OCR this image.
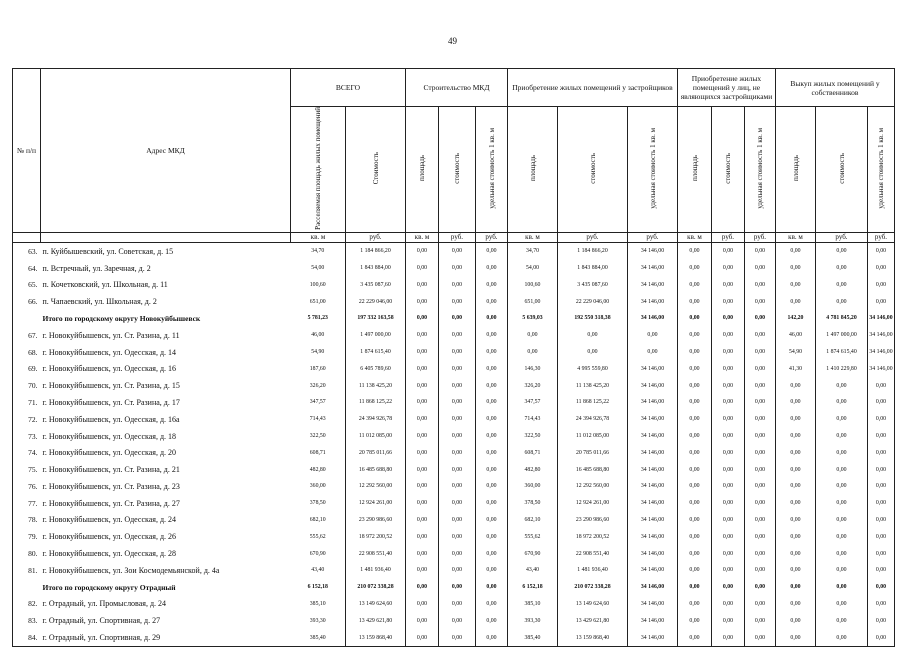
49
№ п/п	Адрес МКД	ВСЕГО		Строительство МКД			Приобретение жилых помещений у застройщиков			Приобретение жилых помещений у лиц, не являющихся застройщиками			Выкуп жилых помещений у собственников		
		Расселяемая площадь жилых помещений	Стоимость	площадь	стоимость	удельная стоимость 1 кв. м	площадь	стоимость	удельная стоимость 1 кв. м	площадь	стоимость	удельная стоимость 1 кв. м	площадь	стоимость	удельная стоимость 1 кв. м
		кв. м	руб.	кв. м	руб.	руб.	кв. м	руб.	руб.	кв. м	руб.	руб.	кв. м	руб.	руб.
63.	п. Куйбышевский, ул. Советская, д. 15	34,70	1 184 866,20	0,00	0,00	0,00	34,70	1 184 866,20	34 146,00	0,00	0,00	0,00	0,00	0,00	0,00
64.	п. Встречный, ул. Заречная, д. 2	54,00	1 843 884,00	0,00	0,00	0,00	54,00	1 843 884,00	34 146,00	0,00	0,00	0,00	0,00	0,00	0,00
65.	п. Кочетковский, ул. Школьная, д. 11	100,60	3 435 087,60	0,00	0,00	0,00	100,60	3 435 087,60	34 146,00	0,00	0,00	0,00	0,00	0,00	0,00
66.	п. Чапаевский, ул. Школьная, д. 2	651,00	22 229 046,00	0,00	0,00	0,00	651,00	22 229 046,00	34 146,00	0,00	0,00	0,00	0,00	0,00	0,00
	Итого по городскому округу Новокуйбышевск	5 781,23	197 332 163,58	0,00	0,00	0,00	5 639,03	192 550 318,38	34 146,00	0,00	0,00	0,00	142,20	4 781 845,20	34 146,00
67.	г. Новокуйбышевск, ул. Ст. Разина, д. 11	46,00	1 497 000,00	0,00	0,00	0,00	0,00	0,00	0,00	0,00	0,00	0,00	46,00	1 497 000,00	34 146,00
68.	г. Новокуйбышевск, ул. Одесская, д. 14	54,90	1 874 615,40	0,00	0,00	0,00	0,00	0,00	0,00	0,00	0,00	0,00	54,90	1 874 615,40	34 146,00
69.	г. Новокуйбышевск, ул. Одесская, д. 16	187,60	6 405 789,60	0,00	0,00	0,00	146,30	4 995 559,80	34 146,00	0,00	0,00	0,00	41,30	1 410 229,80	34 146,00
70.	г. Новокуйбышевск, ул. Ст. Разина, д. 15	326,20	11 138 425,20	0,00	0,00	0,00	326,20	11 138 425,20	34 146,00	0,00	0,00	0,00	0,00	0,00	0,00
71.	г. Новокуйбышевск, ул. Ст. Разина, д. 17	347,57	11 868 125,22	0,00	0,00	0,00	347,57	11 868 125,22	34 146,00	0,00	0,00	0,00	0,00	0,00	0,00
72.	г. Новокуйбышевск, ул. Одесская, д. 16а	714,43	24 394 926,78	0,00	0,00	0,00	714,43	24 394 926,78	34 146,00	0,00	0,00	0,00	0,00	0,00	0,00
73.	г. Новокуйбышевск, ул. Одесская, д. 18	322,50	11 012 085,00	0,00	0,00	0,00	322,50	11 012 085,00	34 146,00	0,00	0,00	0,00	0,00	0,00	0,00
74.	г. Новокуйбышевск, ул. Одесская, д. 20	608,71	20 785 011,66	0,00	0,00	0,00	608,71	20 785 011,66	34 146,00	0,00	0,00	0,00	0,00	0,00	0,00
75.	г. Новокуйбышевск, ул. Ст. Разина, д. 21	482,80	16 485 688,80	0,00	0,00	0,00	482,80	16 485 688,80	34 146,00	0,00	0,00	0,00	0,00	0,00	0,00
76.	г. Новокуйбышевск, ул. Ст. Разина, д. 23	360,00	12 292 560,00	0,00	0,00	0,00	360,00	12 292 560,00	34 146,00	0,00	0,00	0,00	0,00	0,00	0,00
77.	г. Новокуйбышевск, ул. Ст. Разина, д. 27	378,50	12 924 261,00	0,00	0,00	0,00	378,50	12 924 261,00	34 146,00	0,00	0,00	0,00	0,00	0,00	0,00
78.	г. Новокуйбышевск, ул. Одесская, д. 24	682,10	23 290 986,60	0,00	0,00	0,00	682,10	23 290 986,60	34 146,00	0,00	0,00	0,00	0,00	0,00	0,00
79.	г. Новокуйбышевск, ул. Одесская, д. 26	555,62	18 972 200,52	0,00	0,00	0,00	555,62	18 972 200,52	34 146,00	0,00	0,00	0,00	0,00	0,00	0,00
80.	г. Новокуйбышевск, ул. Одесская, д. 28	670,90	22 908 551,40	0,00	0,00	0,00	670,90	22 908 551,40	34 146,00	0,00	0,00	0,00	0,00	0,00	0,00
81.	г. Новокуйбышевск, ул. Зои Космодемьянской, д. 4а	43,40	1 481 936,40	0,00	0,00	0,00	43,40	1 481 936,40	34 146,00	0,00	0,00	0,00	0,00	0,00	0,00
	Итого по городскому округу Отрадный	6 152,18	210 072 338,28	0,00	0,00	0,00	6 152,18	210 072 338,28	34 146,00	0,00	0,00	0,00	0,00	0,00	0,00
82.	г. Отрадный, ул. Промысловая, д. 24	385,10	13 149 624,60	0,00	0,00	0,00	385,10	13 149 624,60	34 146,00	0,00	0,00	0,00	0,00	0,00	0,00
83.	г. Отрадный, ул. Спортивная, д. 27	393,30	13 429 621,80	0,00	0,00	0,00	393,30	13 429 621,80	34 146,00	0,00	0,00	0,00	0,00	0,00	0,00
84.	г. Отрадный, ул. Спортивная, д. 29	385,40	13 159 868,40	0,00	0,00	0,00	385,40	13 159 868,40	34 146,00	0,00	0,00	0,00	0,00	0,00	0,00
